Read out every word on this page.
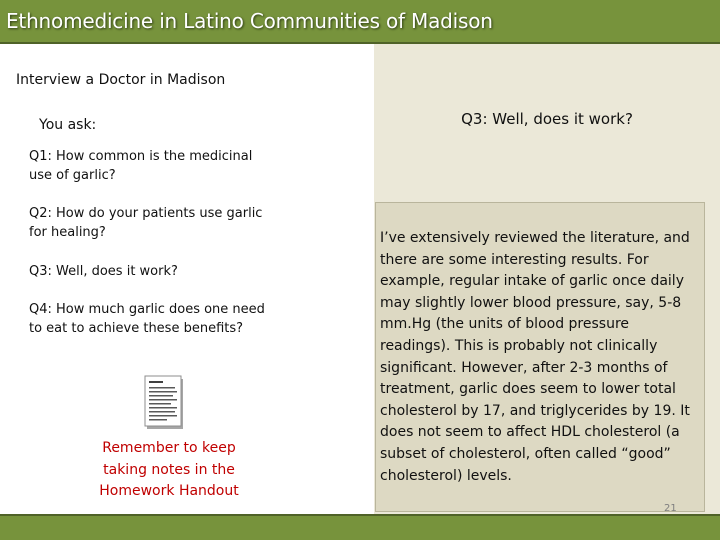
Ethnomedicine in Latino Communities of Madison
Interview a Doctor in Madison
You ask:
Q1: How common is the medicinal use of garlic?
Q2: How do your patients use garlic for healing?
Q3: Well, does it work?
Q4: How much garlic does one need to eat to achieve these benefits?
Remember to keep taking notes in the Homework Handout
Q3: Well, does it work?
I’ve extensively reviewed the literature, and there are some interesting results. For example, regular intake of garlic once daily may slightly lower blood pressure, say, 5-8 mm.Hg (the units of blood pressure readings). This is probably not clinically significant. However, after 2-3 months of treatment, garlic does seem to lower total cholesterol by 17, and triglycerides by 19. It does not seem to affect HDL cholesterol (a subset of cholesterol, often called “good” cholesterol) levels.
21
